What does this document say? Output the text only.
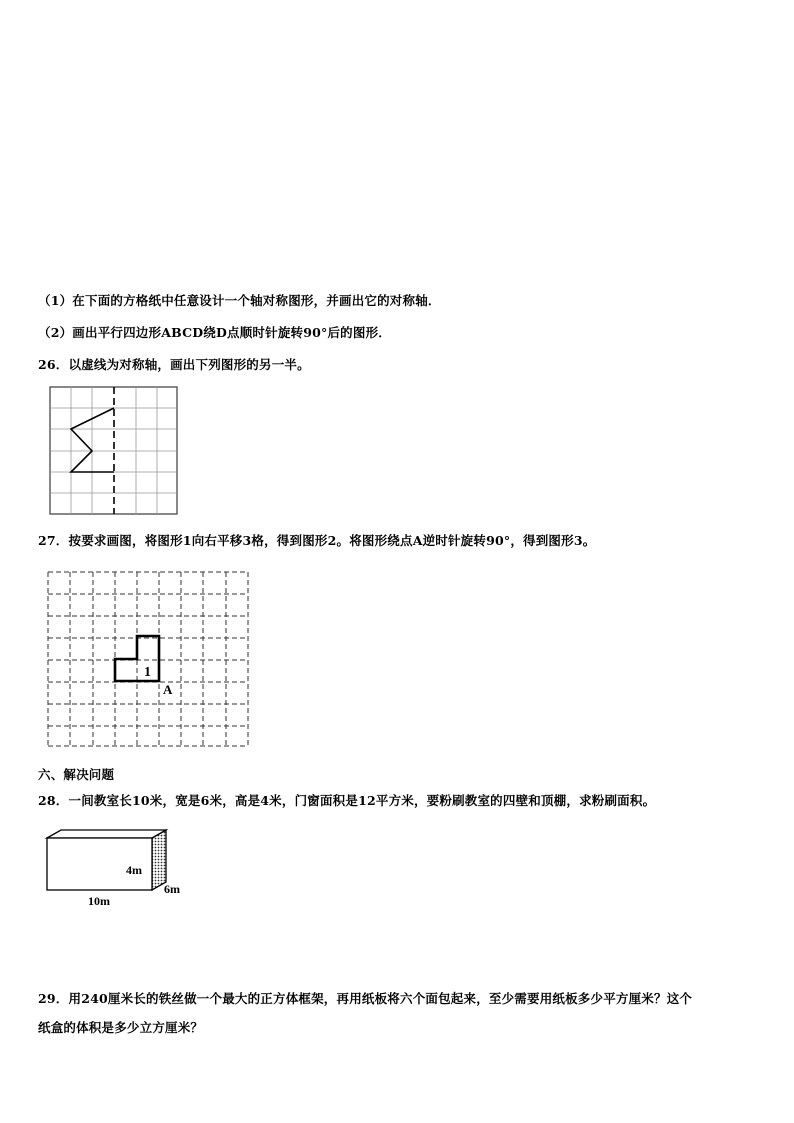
（1）在下面的方格纸中任意设计一个轴对称图形，并画出它的对称轴．
（2）画出平行四边形ABCD绕D点顺时针旋转90°后的图形．
26．以虚线为对称轴，画出下列图形的另一半。
27．按要求画图，将图形1向右平移3格，得到图形2。将图形绕点A逆时针旋转90°，得到图形3。
1
A
六、解决问题
28．一间教室长10米，宽是6米，高是4米，门窗面积是12平方米，要粉刷教室的四壁和顶棚，求粉刷面积。
4m
6m
10m
29．用240厘米长的铁丝做一个最大的正方体框架，再用纸板将六个面包起来，至少需要用纸板多少平方厘米？这个
纸盒的体积是多少立方厘米？
